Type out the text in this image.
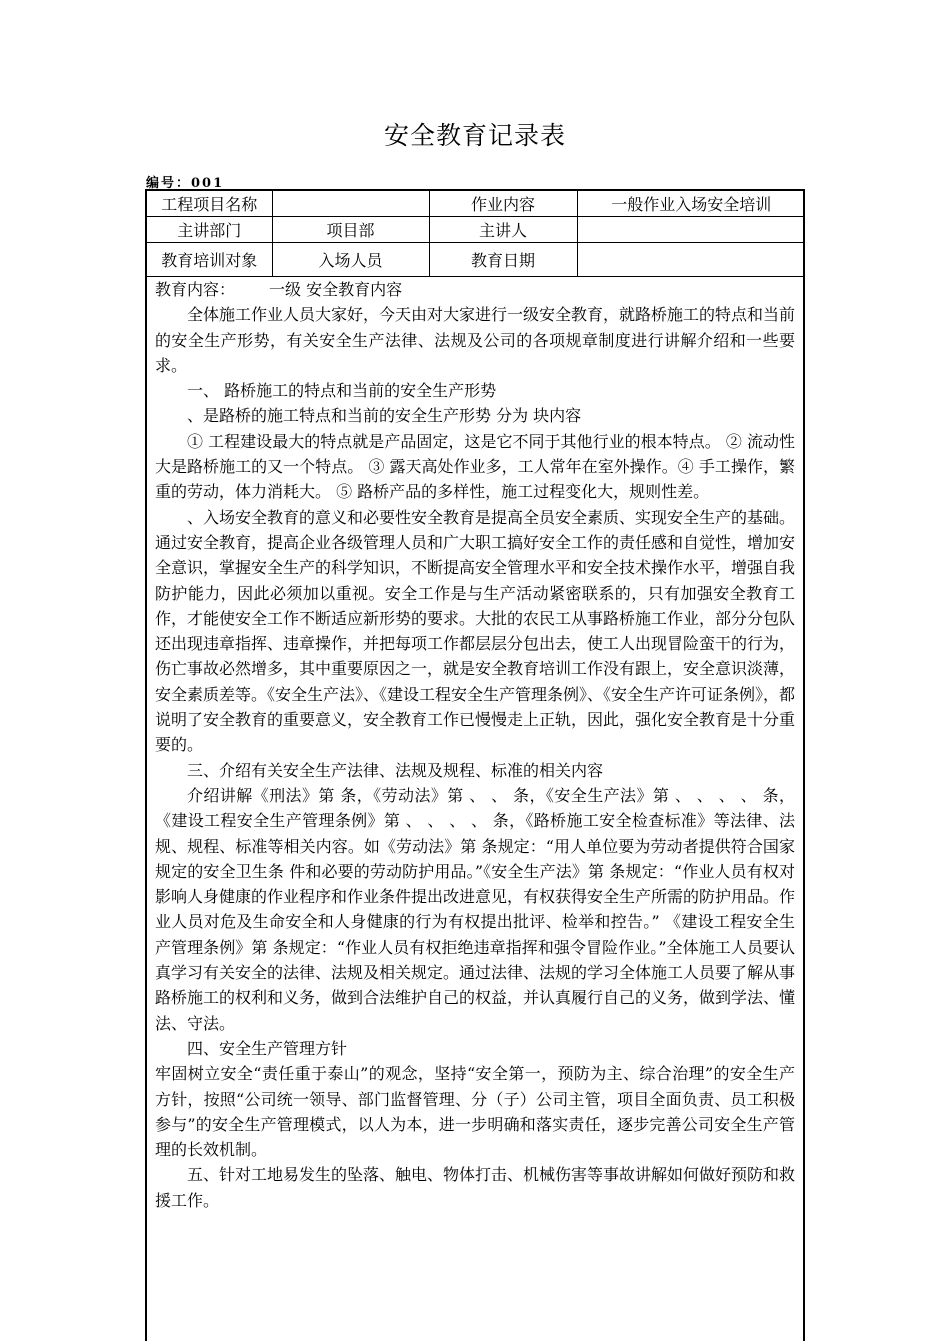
安全教育记录表
编号：001
工程项目名称		作业内容	一般作业入场安全培训
主讲部门	项目部	主讲人	
教育培训对象	入场人员	教育日期	

教育内容： 一级 安全教育内容

全体施工作业人员大家好，今天由对大家进行一级安全教育，就路桥施工的特点和当前的安全生产形势，有关安全生产法律、法规及公司的各项规章制度进行讲解介绍和一些要求。

一、 路桥施工的特点和当前的安全生产形势

、是路桥的施工特点和当前的安全生产形势 分为 块内容

① 工程建设最大的特点就是产品固定，这是它不同于其他行业的根本特点。 ② 流动性大是路桥施工的又一个特点。 ③ 露天高处作业多，工人常年在室外操作。④ 手工操作，繁重的劳动，体力消耗大。 ⑤ 路桥产品的多样性，施工过程变化大，规则性差。

、入场安全教育的意义和必要性安全教育是提高全员安全素质、实现安全生产的基础。通过安全教育，提高企业各级管理人员和广大职工搞好安全工作的责任感和自觉性，增加安全意识，掌握安全生产的科学知识，不断提高安全管理水平和安全技术操作水平，增强自我防护能力，因此必须加以重视。安全工作是与生产活动紧密联系的，只有加强安全教育工作，才能使安全工作不断适应新形势的要求。大批的农民工从事路桥施工作业，部分分包队还出现违章指挥、违章操作，并把每项工作都层层分包出去，使工人出现冒险蛮干的行为，伤亡事故必然增多，其中重要原因之一，就是安全教育培训工作没有跟上，安全意识淡薄，安全素质差等。《安全生产法》、《建设工程安全生产管理条例》、《安全生产许可证条例》，都说明了安全教育的重要意义，安全教育工作已慢慢走上正轨，因此，强化安全教育是十分重要的。

三、介绍有关安全生产法律、法规及规程、标准的相关内容

介绍讲解《刑法》第 条，《劳动法》第 、 、 条，《安全生产法》第 、 、 、 、 条，《建设工程安全生产管理条例》第 、 、 、 、 条，《路桥施工安全检查标准》等法律、法规、规程、标准等相关内容。如《劳动法》第 条规定：“用人单位要为劳动者提供符合国家规定的安全卫生条 件和必要的劳动防护用品。”《安全生产法》第 条规定：“作业人员有权对影响人身健康的作业程序和作业条件提出改进意见，有权获得安全生产所需的防护用品。作业人员对危及生命安全和人身健康的行为有权提出批评、检举和控告。” 《建设工程安全生产管理条例》第 条规定：“作业人员有权拒绝违章指挥和强令冒险作业。”全体施工人员要认真学习有关安全的法律、法规及相关规定。通过法律、法规的学习全体施工人员要了解从事路桥施工的权利和义务，做到合法维护自己的权益，并认真履行自己的义务，做到学法、懂法、守法。

四、安全生产管理方针

牢固树立安全“责任重于泰山”的观念，坚持“安全第一，预防为主、综合治理”的安全生产方针，按照“公司统一领导、部门监督管理、分（子）公司主管，项目全面负责、员工积极参与”的安全生产管理模式，以人为本，进一步明确和落实责任，逐步完善公司安全生产管理的长效机制。

五、针对工地易发生的坠落、触电、物体打击、机械伤害等事故讲解如何做好预防和救援工作。
